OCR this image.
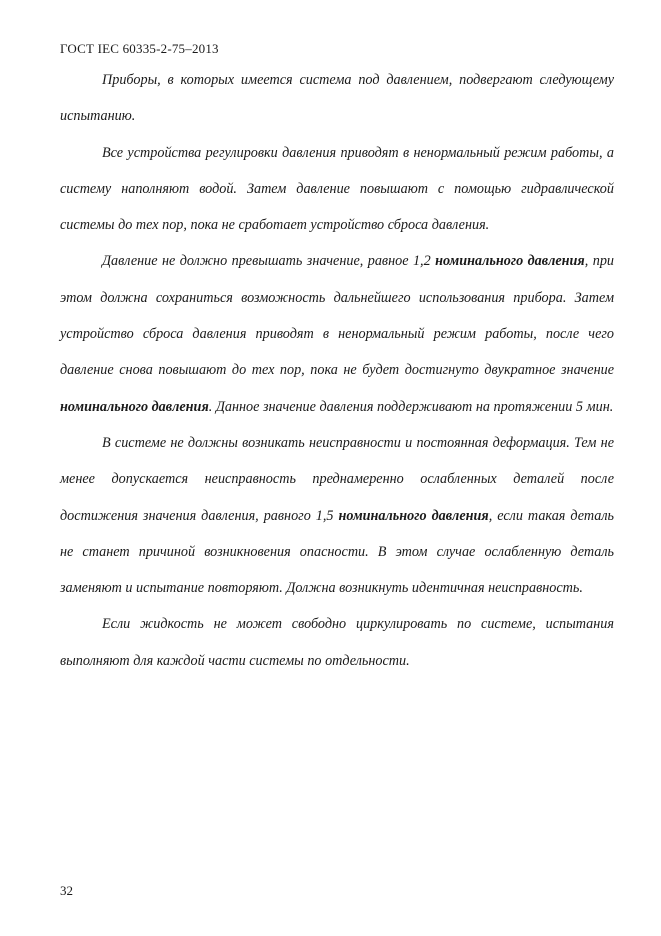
ГОСТ IEC 60335-2-75–2013

Приборы, в которых имеется система под давлением, подвергают следующему испытанию.

Все устройства регулировки давления приводят в ненормальный режим работы, а систему наполняют водой. Затем давление повышают с помощью гидравлической системы до тех пор, пока не сработает устройство сброса давления.

Давление не должно превышать значение, равное 1,2 номинального давления, при этом должна сохраниться возможность дальнейшего использования прибора. Затем устройство сброса давления приводят в ненормальный режим работы, после чего давление снова повышают до тех пор, пока не будет достигнуто двукратное значение номинального давления. Данное значение давления поддерживают на протяжении 5 мин.

В системе не должны возникать неисправности и постоянная деформация. Тем не менее допускается неисправность преднамеренно ослабленных деталей после достижения значения давления, равного 1,5 номинального давления, если такая деталь не станет причиной возникновения опасности. В этом случае ослабленную деталь заменяют и испытание повторяют. Должна возникнуть идентичная неисправность.

Если жидкость не может свободно циркулировать по системе, испытания выполняют для каждой части системы по отдельности.

32
